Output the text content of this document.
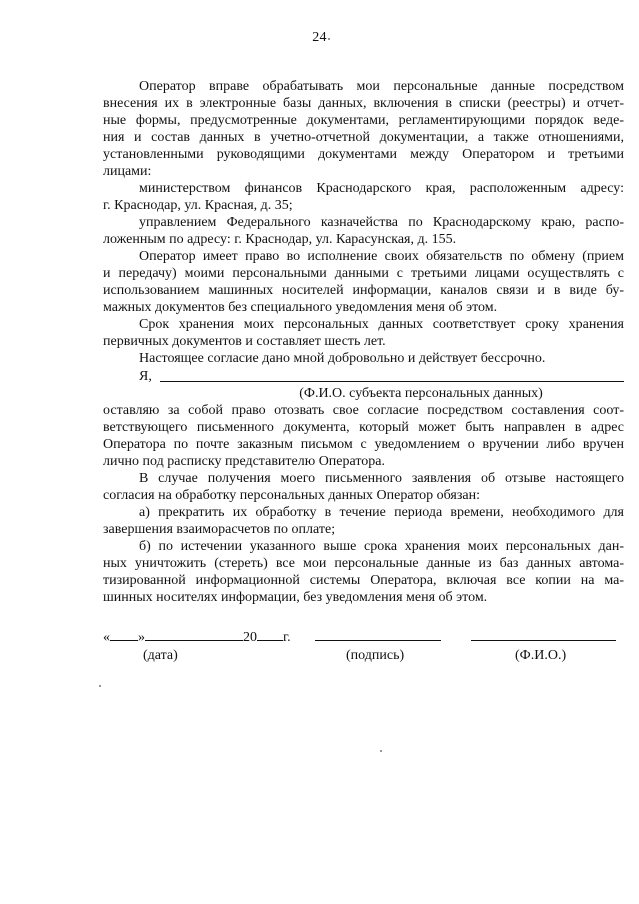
24
Оператор вправе обрабатывать мои персональные данные посредством
внесения их в электронные базы данных, включения в списки (реестры) и отчет-
ные формы, предусмотренные документами, регламентирующими порядок веде-
ния и состав данных в учетно-отчетной документации, а также отношениями,
установленными руководящими документами между Оператором и третьими
лицами:
министерством финансов Краснодарского края, расположенным адресу:
г. Краснодар, ул. Красная, д. 35;
управлением Федерального казначейства по Краснодарскому краю, распо-
ложенным по адресу: г. Краснодар, ул. Карасунская, д. 155.
Оператор имеет право во исполнение своих обязательств по обмену (прием
и передачу) моими персональными данными с третьими лицами осуществлять с
использованием машинных носителей информации, каналов связи и в виде бу-
мажных документов без специального уведомления меня об этом.
Срок хранения моих персональных данных соответствует сроку хранения
первичных документов и составляет шесть лет.
Настоящее согласие дано мной добровольно и действует бессрочно.
Я,
(Ф.И.О. субъекта персональных данных)
оставляю за собой право отозвать свое согласие посредством составления соот-
ветствующего письменного документа, который может быть направлен в адрес
Оператора по почте заказным письмом с уведомлением о вручении либо вручен
лично под расписку представителю Оператора.
В случае получения моего письменного заявления об отзыве настоящего
согласия на обработку персональных данных Оператор обязан:
а) прекратить их обработку в течение периода времени, необходимого для
завершения взаиморасчетов по оплате;
б) по истечении указанного выше срока хранения моих персональных дан-
ных уничтожить (стереть) все мои персональные данные из баз данных автома-
тизированной информационной системы Оператора, включая все копии на ма-
шинных носителях информации, без уведомления меня об этом.
« »	20 г.
(дата)	(подпись)	(Ф.И.О.)
